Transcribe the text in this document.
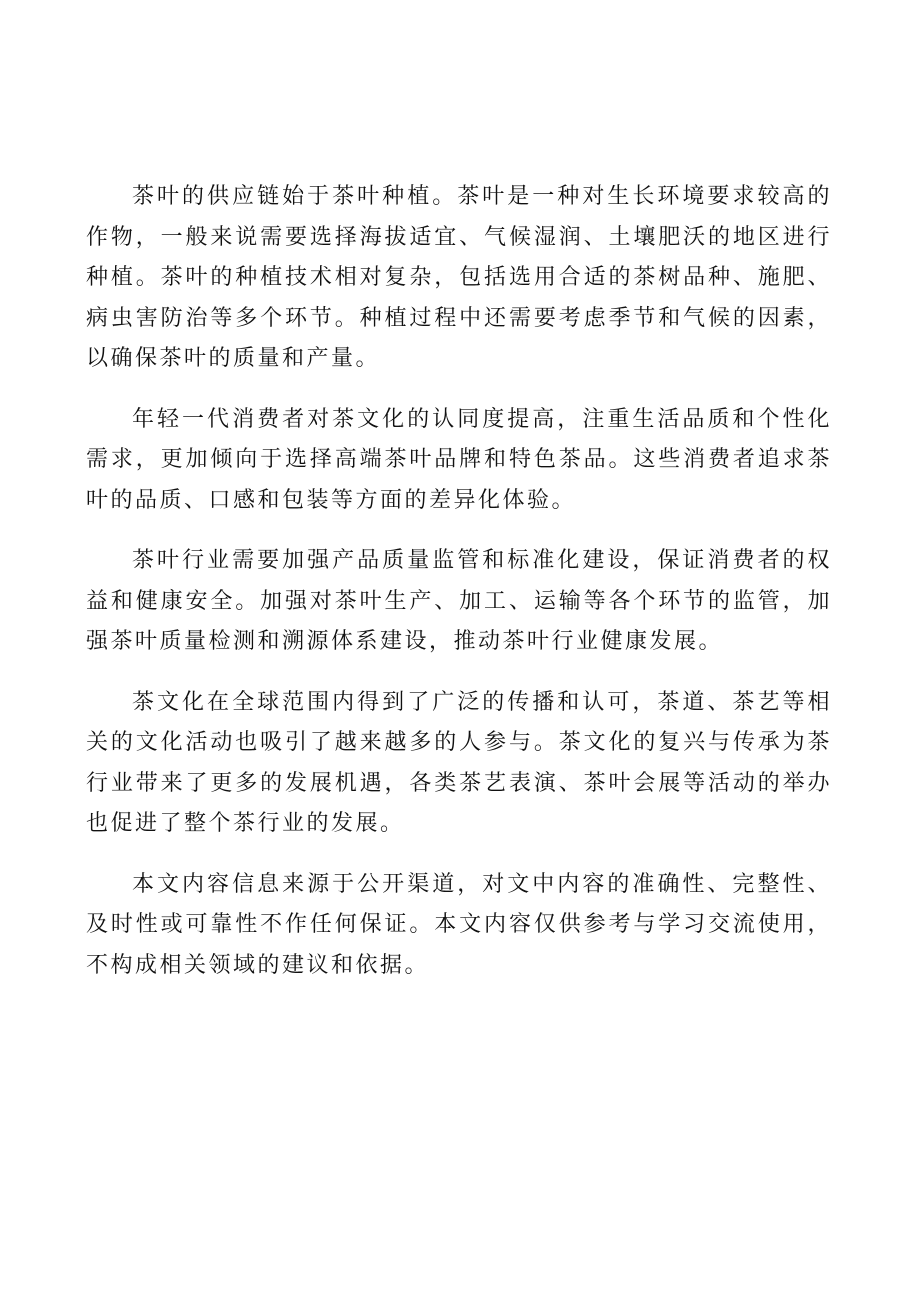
茶叶的供应链始于茶叶种植。茶叶是一种对生长环境要求较高的作物，一般来说需要选择海拔适宜、气候湿润、土壤肥沃的地区进行种植。茶叶的种植技术相对复杂，包括选用合适的茶树品种、施肥、病虫害防治等多个环节。种植过程中还需要考虑季节和气候的因素，以确保茶叶的质量和产量。

年轻一代消费者对茶文化的认同度提高，注重生活品质和个性化需求，更加倾向于选择高端茶叶品牌和特色茶品。这些消费者追求茶叶的品质、口感和包装等方面的差异化体验。

茶叶行业需要加强产品质量监管和标准化建设，保证消费者的权益和健康安全。加强对茶叶生产、加工、运输等各个环节的监管，加强茶叶质量检测和溯源体系建设，推动茶叶行业健康发展。

茶文化在全球范围内得到了广泛的传播和认可，茶道、茶艺等相关的文化活动也吸引了越来越多的人参与。茶文化的复兴与传承为茶行业带来了更多的发展机遇，各类茶艺表演、茶叶会展等活动的举办也促进了整个茶行业的发展。

本文内容信息来源于公开渠道，对文中内容的准确性、完整性、及时性或可靠性不作任何保证。本文内容仅供参考与学习交流使用，不构成相关领域的建议和依据。
